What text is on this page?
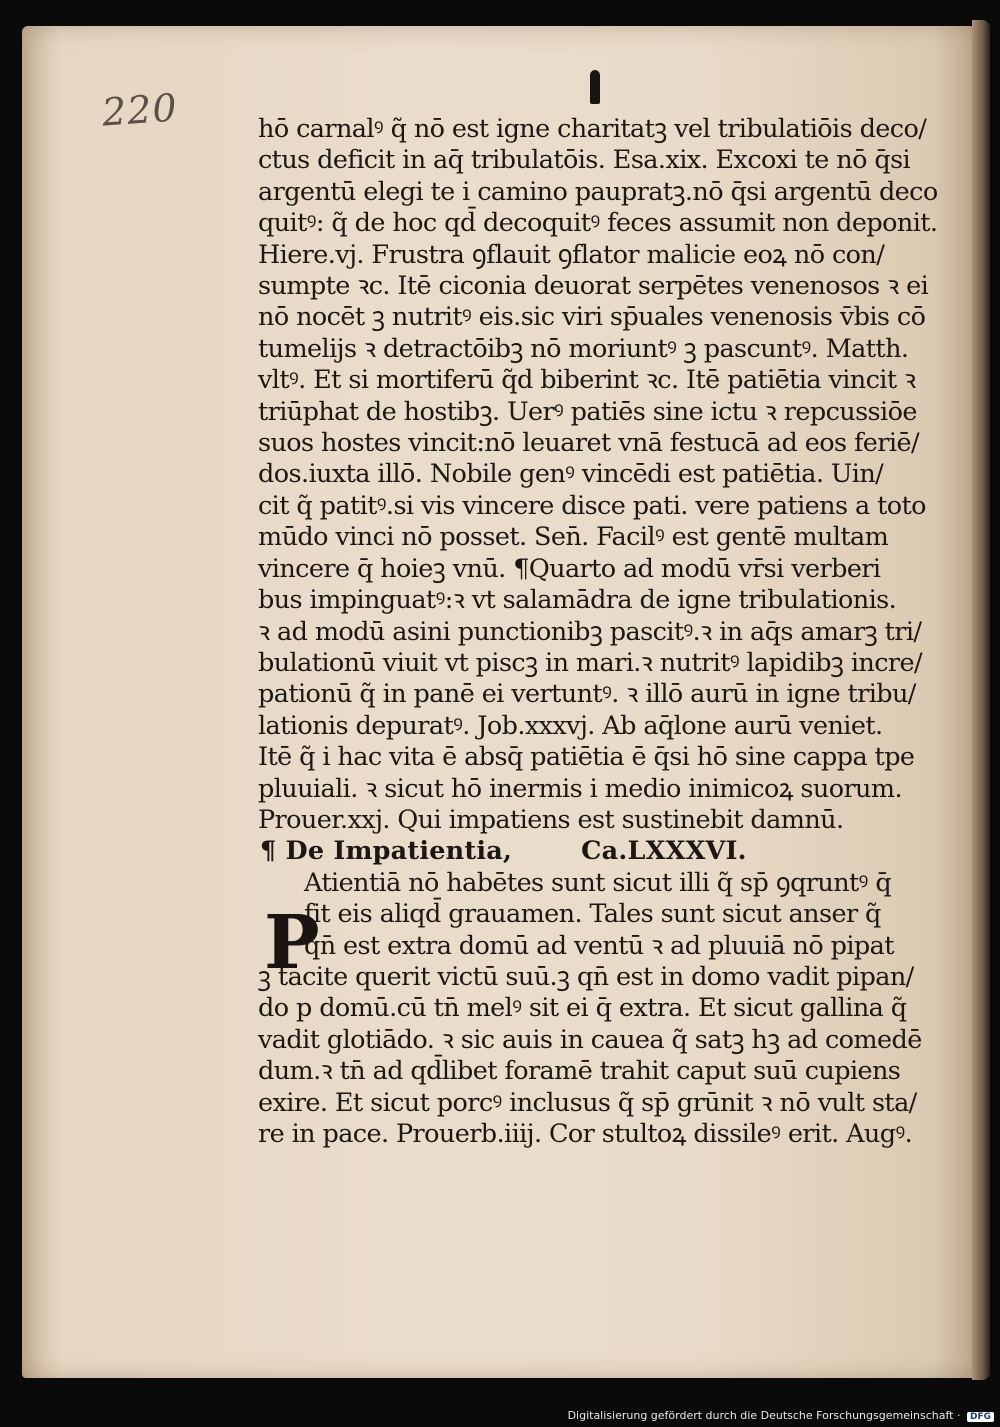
220	hō carnalꝰ q̃ nō est igne charitatꝫ vel tribulatiōis deco/
ctus deficit in aq̄ tribulatōis. Esa.xix. Excoxi te nō q̄si
argentū elegi te i camino paupratꝫ.nō q̄si argentū deco
quitꝰ: q̃ de hoc qd̄ decoquitꝰ feces assumit non deponit.
Hiere.vj. Frustra ꝯflauit ꝯflator malicie eoꝝ nō con/
sumpte ꝛc. Itē ciconia deuorat serpētes venenosos ꝛ ei
nō nocēt ꝫ nutritꝰ eis.sic viri sp̄uales venenosis v̄bis cō
tumelijs ꝛ detractōibꝫ nō moriuntꝰ ꝫ pascuntꝰ. Matth.
vltꝰ. Et si mortiferū q̃d biberint ꝛc. Itē patiētia vincit ꝛ
triūphat de hostibꝫ. Uerꝰ patiēs sine ictu ꝛ repcussiōe
suos hostes vincit:nō leuaret vnā festucā ad eos feriē/
dos.iuxta illō. Nobile genꝰ vincēdi est patiētia. Uin/
cit q̃ patitꝰ.si vis vincere disce pati. vere patiens a toto
mūdo vinci nō posset. Sen̄. Facilꝰ est gentē multam
vincere q̄ hoieꝫ vnū. ¶Quarto ad modū vr̄si verberi
bus impinguatꝰ:ꝛ vt salamādra de igne tribulationis.
ꝛ ad modū asini punctionibꝫ pascitꝰ.ꝛ in aq̄s amarꝫ tri/
bulationū viuit vt piscꝫ in mari.ꝛ nutritꝰ lapidibꝫ incre/
pationū q̃ in panē ei vertuntꝰ. ꝛ illō aurū in igne tribu/
lationis depuratꝰ. Job.xxxvj. Ab aq̄lone aurū veniet.
Itē q̃ i hac vita ē absq̄ patiētia ē q̄si hō sine cappa tpe
pluuiali. ꝛ sicut hō inermis i medio inimicoꝝ suorum.
Prouer.xxj. Qui impatiens est sustinebit damnū.
¶ De Impatientia,	Ca.LXXXVI.
P
Atientiā nō habētes sunt sicut illi q̃ sp̄ ꝯqruntꝰ q̄
fit eis aliqd̄ grauamen. Tales sunt sicut anser q̃
qn̄ est extra domū ad ventū ꝛ ad pluuiā nō pipat
ꝫ tacite querit victū suū.ꝫ qn̄ est in domo vadit pipan/
do p domū.cū tn̄ melꝰ sit ei q̄ extra. Et sicut gallina q̃
vadit glotiādo. ꝛ sic auis in cauea q̃ satꝫ hꝫ ad comedē
dum.ꝛ tn̄ ad qd̄libet foramē trahit caput suū cupiens
exire. Et sicut porcꝰ inclusus q̃ sp̄ grūnit ꝛ nō vult sta/
re in pace. Prouerb.iiij. Cor stultoꝝ dissileꝰ erit. Augꝰ.
Digitalisierung gefördert durch die Deutsche Forschungsgemeinschaft · DFG
